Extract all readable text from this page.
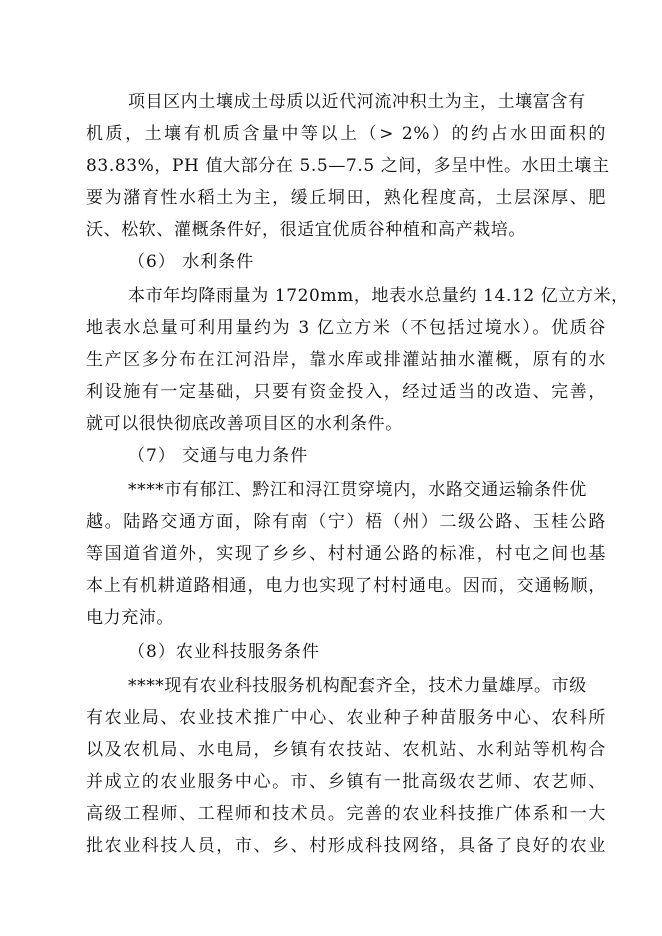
项目区内土壤成土母质以近代河流冲积土为主，土壤富含有
机质，土壤有机质含量中等以上（> 2%）的约占水田面积的
83.83%，PH 值大部分在 5.5—7.5 之间，多呈中性。水田土壤主
要为潴育性水稻土为主，缓丘垌田，熟化程度高，土层深厚、肥
沃、松软、灌概条件好，很适宜优质谷种植和高产栽培。
（6） 水利条件
本市年均降雨量为 1720mm，地表水总量约 14.12 亿立方米，
地表水总量可利用量约为 3 亿立方米（不包括过境水）。优质谷
生产区多分布在江河沿岸，靠水库或排灌站抽水灌概，原有的水
利设施有一定基础，只要有资金投入，经过适当的改造、完善，
就可以很快彻底改善项目区的水利条件。
（7） 交通与电力条件
****市有郁江、黔江和浔江贯穿境内，水路交通运输条件优
越。陆路交通方面，除有南（宁）梧（州）二级公路、玉桂公路
等国道省道外，实现了乡乡、村村通公路的标准，村屯之间也基
本上有机耕道路相通，电力也实现了村村通电。因而，交通畅顺，
电力充沛。
（8）农业科技服务条件
****现有农业科技服务机构配套齐全，技术力量雄厚。市级
有农业局、农业技术推广中心、农业种子种苗服务中心、农科所
以及农机局、水电局，乡镇有农技站、农机站、水利站等机构合
并成立的农业服务中心。市、乡镇有一批高级农艺师、农艺师、
高级工程师、工程师和技术员。完善的农业科技推广体系和一大
批农业科技人员，市、乡、村形成科技网络，具备了良好的农业
